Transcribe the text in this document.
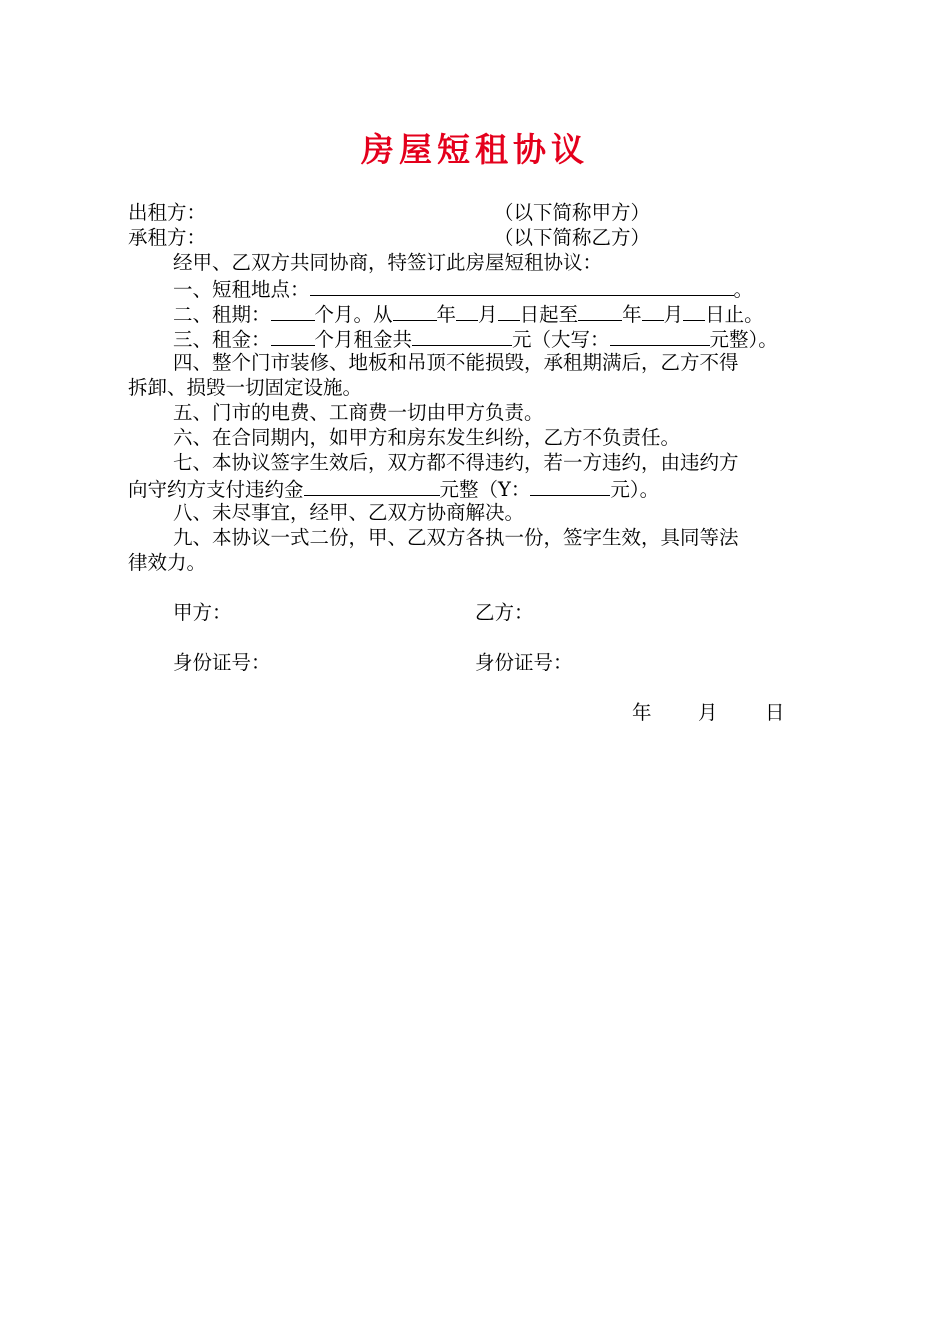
房屋短租协议
出租方：	（以下简称甲方）
承租方：	（以下简称乙方）
经甲、乙双方共同协商，特签订此房屋短租协议：
一、短租地点：	。
二、租期： 个月。从 年 月 日起至 年 月 日止。
三、租金： 个月租金共	元（大写：	元整）。
四、整个门市装修、地板和吊顶不能损毁，承租期满后，乙方不得
拆卸、损毁一切固定设施。
五、门市的电费、工商费一切由甲方负责。
六、在合同期内，如甲方和房东发生纠纷，乙方不负责任。
七、本协议签字生效后，双方都不得违约，若一方违约，由违约方
向守约方支付违约金	元整（Y：	元）。
八、未尽事宜，经甲、乙双方协商解决。
九、本协议一式二份，甲、乙双方各执一份，签字生效，具同等法
律效力。
甲方：	乙方：
身份证号：	身份证号：
年 月 日
